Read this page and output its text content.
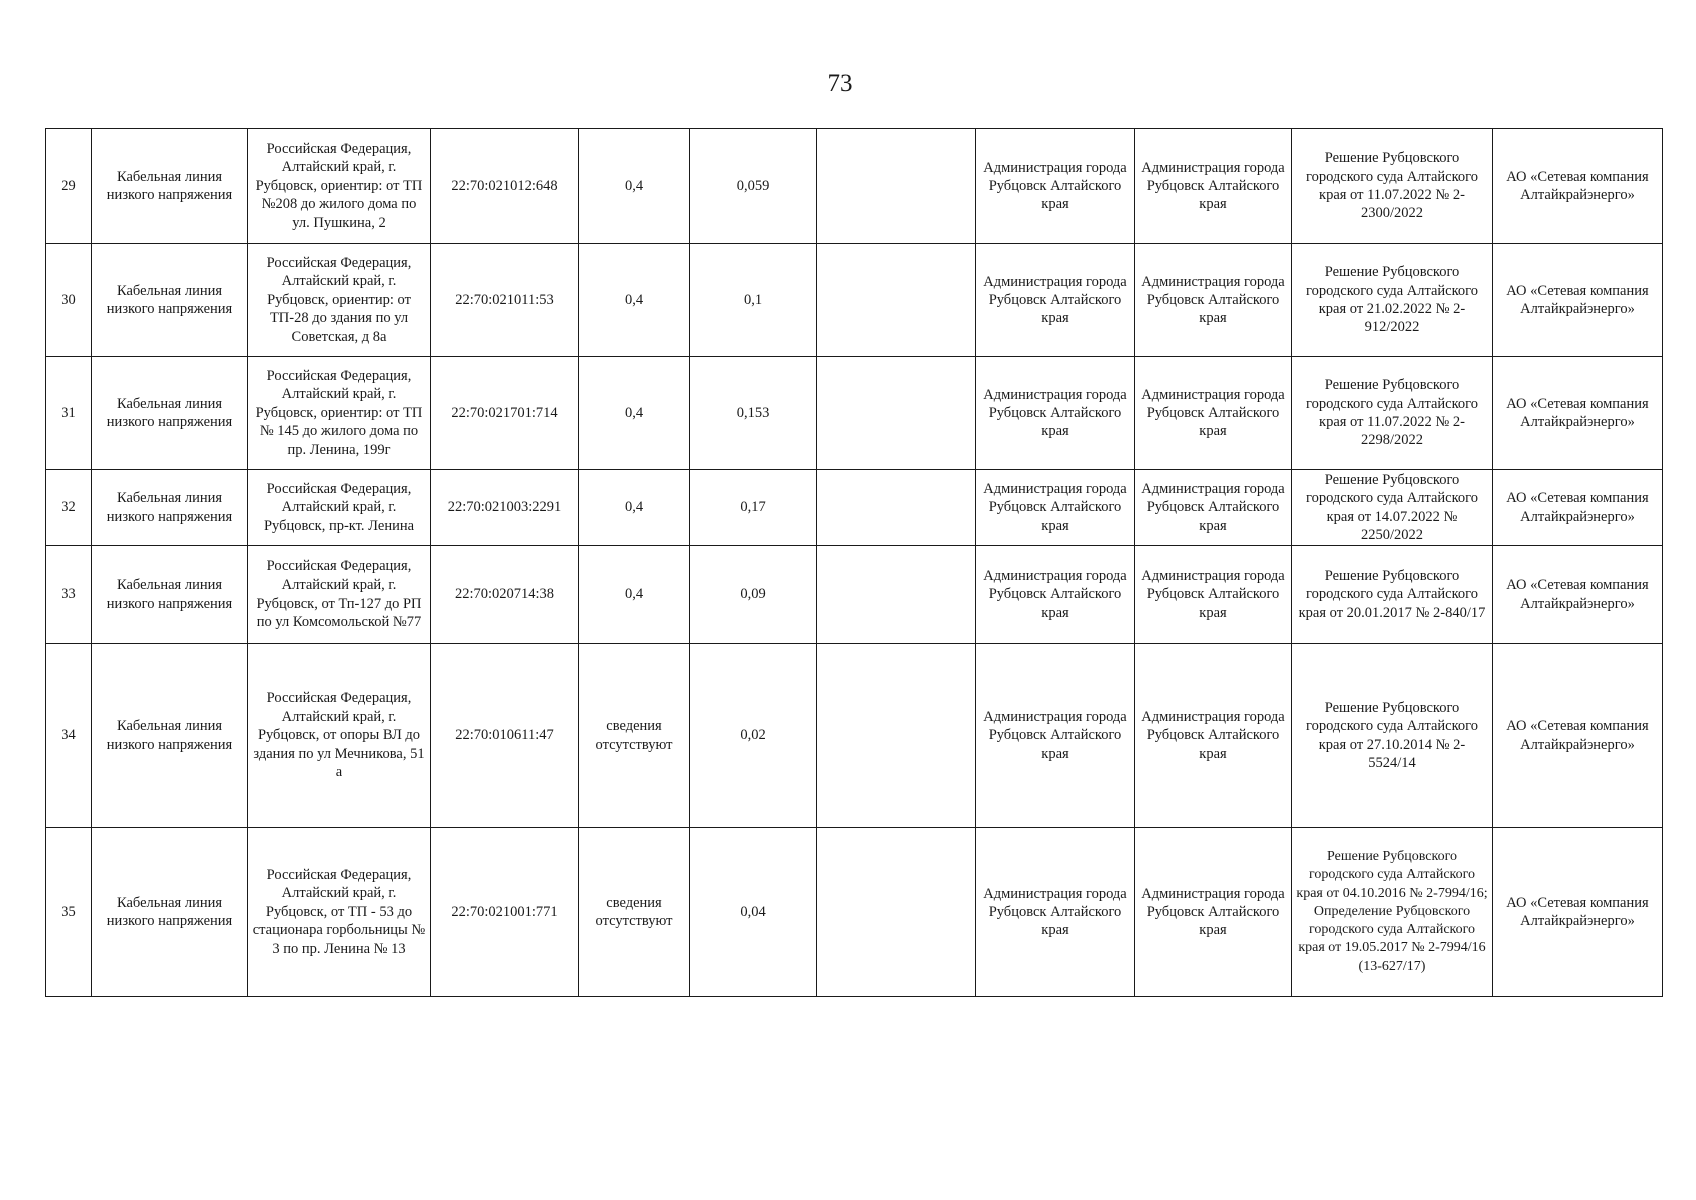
73
29	Кабельная линия низкого напряжения	Российская Федерация, Алтайский край, г. Рубцовск, ориентир: от ТП №208 до жилого дома по ул. Пушкина, 2	22:70:021012:648	0,4	0,059		Администрация города Рубцовск Алтайского края	Администрация города Рубцовск Алтайского края	Решение Рубцовского городского суда Алтайского края от 11.07.2022 № 2-2300/2022	АО «Сетевая компания Алтайкрайэнерго»
30	Кабельная линия низкого напряжения	Российская Федерация, Алтайский край, г. Рубцовск, ориентир: от ТП-28 до здания по ул Советская, д 8а	22:70:021011:53	0,4	0,1		Администрация города Рубцовск Алтайского края	Администрация города Рубцовск Алтайского края	Решение Рубцовского городского суда Алтайского края от 21.02.2022 № 2-912/2022	АО «Сетевая компания Алтайкрайэнерго»
31	Кабельная линия низкого напряжения	Российская Федерация, Алтайский край, г. Рубцовск, ориентир: от ТП № 145 до жилого дома по пр. Ленина, 199г	22:70:021701:714	0,4	0,153		Администрация города Рубцовск Алтайского края	Администрация города Рубцовск Алтайского края	Решение Рубцовского городского суда Алтайского края от 11.07.2022 № 2-2298/2022	АО «Сетевая компания Алтайкрайэнерго»
32	Кабельная линия низкого напряжения	Российская Федерация, Алтайский край, г. Рубцовск, пр-кт. Ленина	22:70:021003:2291	0,4	0,17		Администрация города Рубцовск Алтайского края	Администрация города Рубцовск Алтайского края	Решение Рубцовского городского суда Алтайского края от 14.07.2022 № 2250/2022	АО «Сетевая компания Алтайкрайэнерго»
33	Кабельная линия низкого напряжения	Российская Федерация, Алтайский край, г. Рубцовск, от Тп-127 до РП по ул Комсомольской №77	22:70:020714:38	0,4	0,09		Администрация города Рубцовск Алтайского края	Администрация города Рубцовск Алтайского края	Решение Рубцовского городского суда Алтайского края от 20.01.2017 № 2-840/17	АО «Сетевая компания Алтайкрайэнерго»
34	Кабельная линия низкого напряжения	Российская Федерация, Алтайский край, г. Рубцовск, от опоры ВЛ до здания по ул Мечникова, 51 а	22:70:010611:47	сведения отсутствуют	0,02		Администрация города Рубцовск Алтайского края	Администрация города Рубцовск Алтайского края	Решение Рубцовского городского суда Алтайского края от 27.10.2014 № 2-5524/14	АО «Сетевая компания Алтайкрайэнерго»
35	Кабельная линия низкого напряжения	Российская Федерация, Алтайский край, г. Рубцовск, от ТП - 53 до стационара горбольницы № 3 по пр. Ленина № 13	22:70:021001:771	сведения отсутствуют	0,04		Администрация города Рубцовск Алтайского края	Администрация города Рубцовск Алтайского края	Решение Рубцовского городского суда Алтайского края от 04.10.2016 № 2-7994/16; Определение Рубцовского городского суда Алтайского края от 19.05.2017 № 2-7994/16 (13-627/17)	АО «Сетевая компания Алтайкрайэнерго»
